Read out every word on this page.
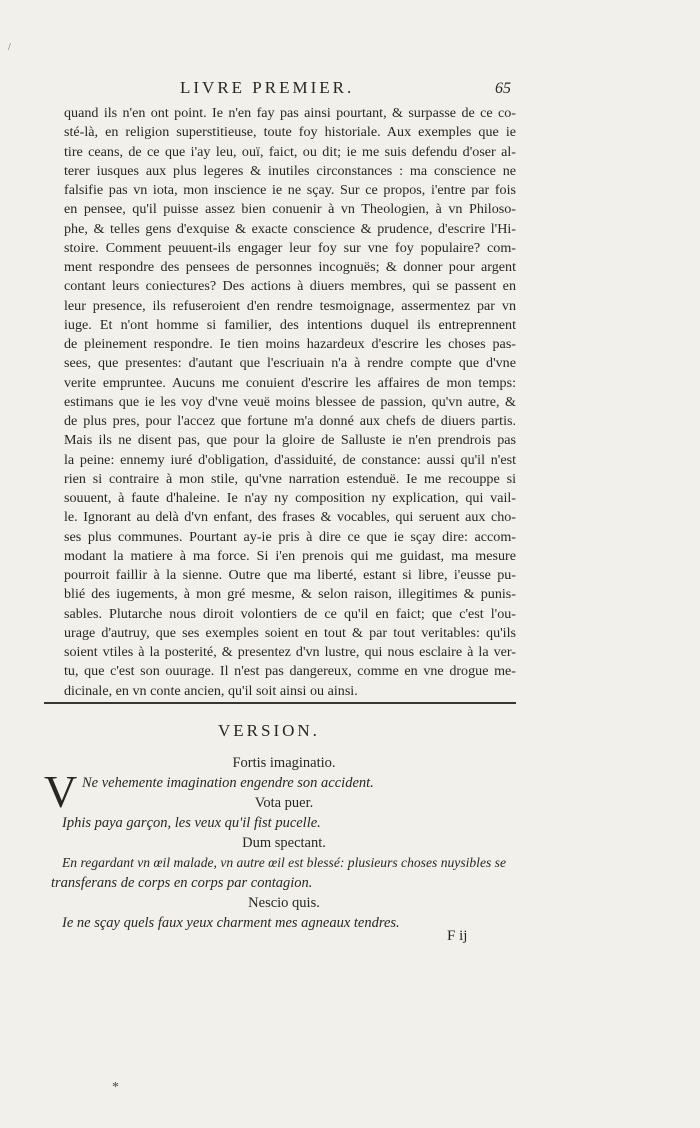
/
LIVRE PREMIER.	65
quand ils n'en ont point. Ie n'en fay pas ainsi pourtant, & surpasse de ce co-
sté-là, en religion superstitieuse, toute foy historiale. Aux exemples que ie
tire ceans, de ce que i'ay leu, ouï, faict, ou dit; ie me suis defendu d'oser al-
terer iusques aux plus legeres & inutiles circonstances : ma conscience ne
falsifie pas vn iota, mon inscience ie ne sçay. Sur ce propos, i'entre par fois
en pensee, qu'il puisse assez bien conuenir à vn Theologien, à vn Philoso-
phe, & telles gens d'exquise & exacte conscience & prudence, d'escrire l'Hi-
stoire. Comment peuuent-ils engager leur foy sur vne foy populaire? com-
ment respondre des pensees de personnes incognuës; & donner pour argent
contant leurs coniectures? Des actions à diuers membres, qui se passent en
leur presence, ils refuseroient d'en rendre tesmoignage, assermentez par vn
iuge. Et n'ont homme si familier, des intentions duquel ils entreprennent
de pleinement respondre. Ie tien moins hazardeux d'escrire les choses pas-
sees, que presentes: d'autant que l'escriuain n'a à rendre compte que d'vne
verite empruntee. Aucuns me conuient d'escrire les affaires de mon temps:
estimans que ie les voy d'vne veuë moins blessee de passion, qu'vn autre, &
de plus pres, pour l'accez que fortune m'a donné aux chefs de diuers partis.
Mais ils ne disent pas, que pour la gloire de Salluste ie n'en prendrois pas
la peine: ennemy iuré d'obligation, d'assiduité, de constance: aussi qu'il n'est
rien si contraire à mon stile, qu'vne narration estenduë. Ie me recouppe si
souuent, à faute d'haleine. Ie n'ay ny composition ny explication, qui vail-
le. Ignorant au delà d'vn enfant, des frases & vocables, qui seruent aux cho-
ses plus communes. Pourtant ay-ie pris à dire ce que ie sçay dire: accom-
modant la matiere à ma force. Si i'en prenois qui me guidast, ma mesure
pourroit faillir à la sienne. Outre que ma liberté, estant si libre, i'eusse pu-
blié des iugements, à mon gré mesme, & selon raison, illegitimes & punis-
sables. Plutarche nous diroit volontiers de ce qu'il en faict; que c'est l'ou-
urage d'autruy, que ses exemples soient en tout & par tout veritables: qu'ils
soient vtiles à la posterité, & presentez d'vn lustre, qui nous esclaire à la ver-
tu, que c'est son ouurage. Il n'est pas dangereux, comme en vne drogue me-
dicinale, en vn conte ancien, qu'il soit ainsi ou ainsi.
VERSION.
V
Fortis imaginatio.
Ne vehemente imagination engendre son accident.
Vota puer.
Iphis paya garçon, les veux qu'il fist pucelle.
Dum spectant.
En regardant vn œil malade, vn autre œil est blessé: plusieurs choses nuysibles se
transferans de corps en corps par contagion.
Nescio quis.
Ie ne sçay quels faux yeux charment mes agneaux tendres.
F ij
*
